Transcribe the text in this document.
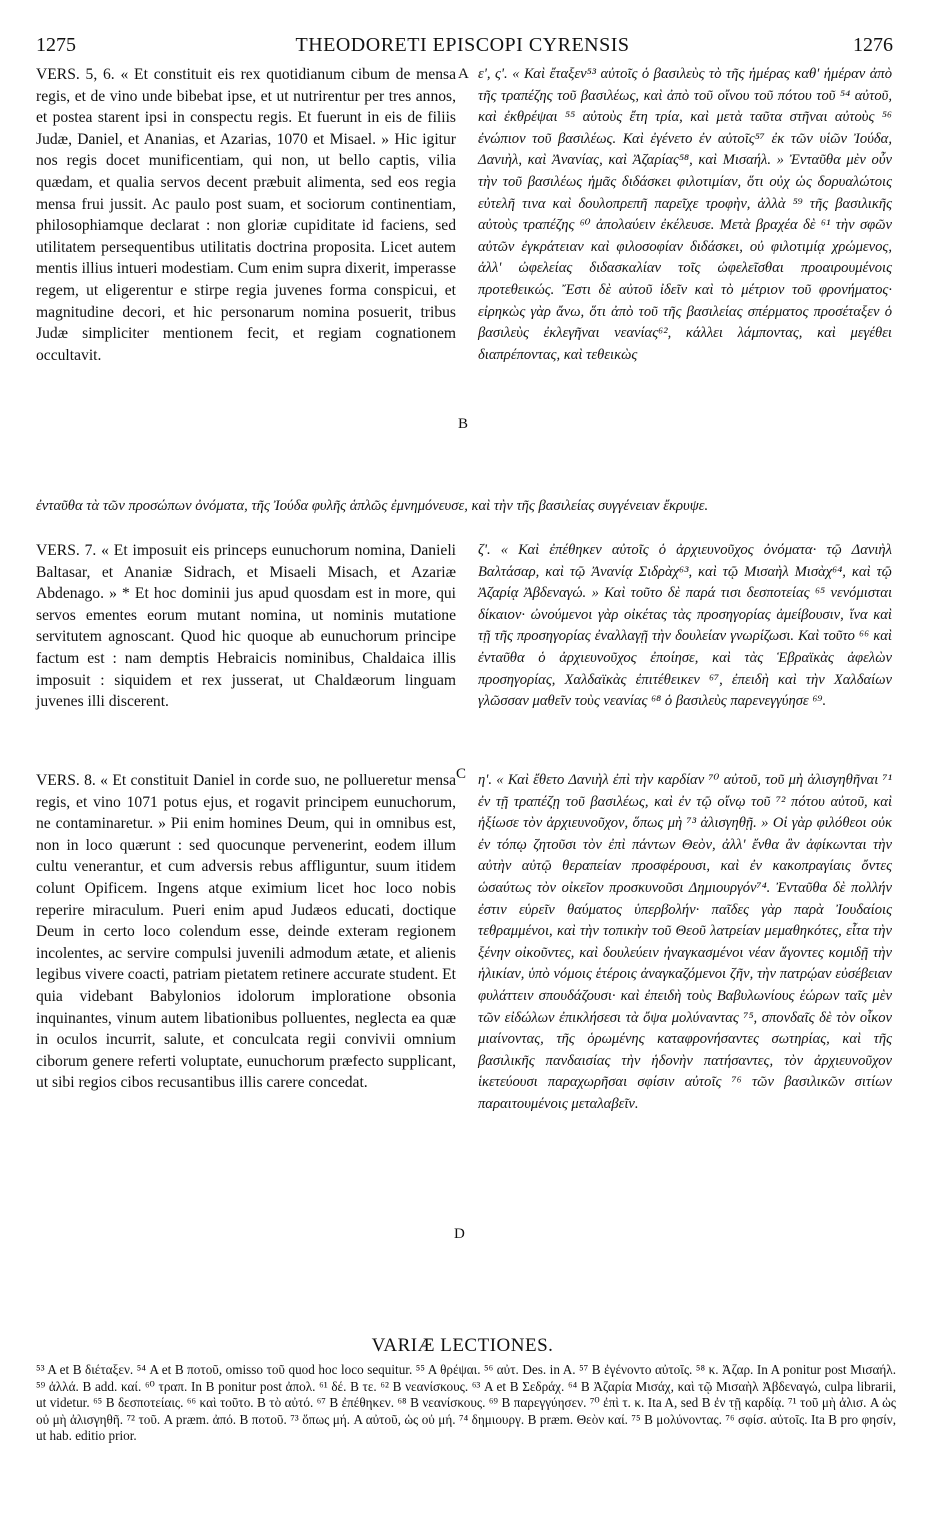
1275	THEODORETI EPISCOPI CYRENSIS	1276
A
B
C
D

VERS. 5, 6. « Et constituit eis rex quotidianum cibum de mensa regis, et de vino unde bibebat ipse, et ut nutrirentur per tres annos, et postea starent ipsi in conspectu regis. Et fuerunt in eis de filiis Judæ, Daniel, et Ananias, et Azarias, 1070 et Misael. » Hic igitur nos regis docet munificentiam, qui non, ut bello captis, vilia quædam, et qualia servos decent præbuit alimenta, sed eos regia mensa frui jussit. Ac paulo post suam, et sociorum continentiam, philosophiamque declarat : non gloriæ cupiditate id faciens, sed utilitatem persequentibus utilitatis doctrina proposita. Licet autem mentis illius intueri modestiam. Cum enim supra dixerit, imperasse regem, ut eligerentur e stirpe regia juvenes forma conspicui, et magnitudine decori, et hic personarum nomina posuerit, tribus Judæ simpliciter mentionem fecit, et regiam cognationem occultavit.

ε', ς'. « Καὶ ἔταξεν⁵³ αὐτοῖς ὁ βασιλεὺς τὸ τῆς ἡμέρας καθ' ἡμέραν ἀπὸ τῆς τραπέζης τοῦ βασιλέως, καὶ ἀπὸ τοῦ οἴνου τοῦ πότου τοῦ ⁵⁴ αὐτοῦ, καὶ ἐκθρέψαι ⁵⁵ αὐτοὺς ἔτη τρία, καὶ μετὰ ταῦτα στῆναι αὐτοὺς ⁵⁶ ἐνώπιον τοῦ βασιλέως. Καὶ ἐγένετο ἐν αὐτοῖς⁵⁷ ἐκ τῶν υἱῶν Ἰούδα, Δανιὴλ, καὶ Ἀνανίας, καὶ Ἀζαρίας⁵⁸, καὶ Μισαήλ. » Ἐνταῦθα μὲν οὖν τὴν τοῦ βασιλέως ἡμᾶς διδάσκει φιλοτιμίαν, ὅτι οὐχ ὡς δορυαλώτοις εὐτελῆ τινα καὶ δουλοπρεπῆ παρεῖχε τροφὴν, ἀλλὰ ⁵⁹ τῆς βασιλικῆς αὐτοὺς τραπέζης ⁶⁰ ἀπολαύειν ἐκέλευσε. Μετὰ βραχέα δὲ ⁶¹ τὴν σφῶν αὐτῶν ἐγκράτειαν καὶ φιλοσοφίαν διδάσκει, οὐ φιλοτιμίᾳ χρώμενος, ἀλλ' ὠφελείας διδασκαλίαν τοῖς ὠφελεῖσθαι προαιρουμένοις προτεθεικώς. Ἔστι δὲ αὐτοῦ ἰδεῖν καὶ τὸ μέτριον τοῦ φρονήματος· εἰρηκὼς γὰρ ἄνω, ὅτι ἀπὸ τοῦ τῆς βασιλείας σπέρματος προσέταξεν ὁ βασιλεὺς ἐκλεγῆναι νεανίας⁶², κάλλει λάμποντας, καὶ μεγέθει διαπρέποντας, καὶ τεθεικὼς

ἐνταῦθα τὰ τῶν προσώπων ὀνόματα, τῆς Ἰούδα φυλῆς ἁπλῶς ἐμνημόνευσε, καὶ τὴν τῆς βασιλείας συγγένειαν ἔκρυψε.

VERS. 7. « Et imposuit eis princeps eunuchorum nomina, Danieli Baltasar, et Ananiæ Sidrach, et Misaeli Misach, et Azariæ Abdenago. » * Et hoc dominii jus apud quosdam est in more, qui servos ementes eorum mutant nomina, ut nominis mutatione servitutem agnoscant. Quod hic quoque ab eunuchorum principe factum est : nam demptis Hebraicis nominibus, Chaldaica illis imposuit : siquidem et rex jusserat, ut Chaldæorum linguam juvenes illi discerent.

ζ'. « Καὶ ἐπέθηκεν αὐτοῖς ὁ ἀρχιευνοῦχος ὀνόματα· τῷ Δανιὴλ Βαλτάσαρ, καὶ τῷ Ἀνανίᾳ Σιδρὰχ⁶³, καὶ τῷ Μισαὴλ Μισὰχ⁶⁴, καὶ τῷ Ἀζαρίᾳ Ἀβδεναγώ. » Καὶ τοῦτο δὲ παρά τισι δεσποτείας ⁶⁵ νενόμισται δίκαιον· ὠνούμενοι γὰρ οἰκέτας τὰς προσηγορίας ἀμείβουσιν, ἵνα καὶ τῇ τῆς προσηγορίας ἐναλλαγῇ τὴν δουλείαν γνωρίζωσι. Καὶ τοῦτο ⁶⁶ καὶ ἐνταῦθα ὁ ἀρχιευνοῦχος ἐποίησε, καὶ τὰς Ἑβραϊκὰς ἀφελὼν προσηγορίας, Χαλδαϊκὰς ἐπιτέθεικεν ⁶⁷, ἐπειδὴ καὶ τὴν Χαλδαίων γλῶσσαν μαθεῖν τοὺς νεανίας ⁶⁸ ὁ βασιλεὺς παρενεγγύησε ⁶⁹.

VERS. 8. « Et constituit Daniel in corde suo, ne pollueretur mensa regis, et vino 1071 potus ejus, et rogavit principem eunuchorum, ne contaminaretur. » Pii enim homines Deum, qui in omnibus est, non in loco quærunt : sed quocunque pervenerint, eodem illum cultu venerantur, et cum adversis rebus affliguntur, suum itidem colunt Opificem. Ingens atque eximium licet hoc loco nobis reperire miraculum. Pueri enim apud Judæos educati, doctique Deum in certo loco colendum esse, deinde exteram regionem incolentes, ac servire compulsi juvenili admodum ætate, et alienis legibus vivere coacti, patriam pietatem retinere accurate student. Et quia videbant Babylonios idolorum imploratione obsonia inquinantes, vinum autem libationibus polluentes, neglecta ea quæ in oculos incurrit, salute, et conculcata regii convivii omnium ciborum genere referti voluptate, eunuchorum præfecto supplicant, ut sibi regios cibos recusantibus illis carere concedat.

η'. « Καὶ ἔθετο Δανιὴλ ἐπὶ τὴν καρδίαν ⁷⁰ αὐτοῦ, τοῦ μὴ ἀλισγηθῆναι ⁷¹ ἐν τῇ τραπέζῃ τοῦ βασιλέως, καὶ ἐν τῷ οἴνῳ τοῦ ⁷² πότου αὐτοῦ, καὶ ἠξίωσε τὸν ἀρχιευνοῦχον, ὅπως μὴ ⁷³ ἀλισγηθῇ. » Οἱ γὰρ φιλόθεοι οὐκ ἐν τόπῳ ζητοῦσι τὸν ἐπὶ πάντων Θεὸν, ἀλλ' ἔνθα ἂν ἀφίκωνται τὴν αὐτὴν αὐτῷ θεραπείαν προσφέρουσι, καὶ ἐν κακοπραγίαις ὄντες ὡσαύτως τὸν οἰκεῖον προσκυνοῦσι Δημιουργόν⁷⁴. Ἐνταῦθα δὲ πολλήν ἐστιν εὑρεῖν θαύματος ὑπερβολήν· παῖδες γὰρ παρὰ Ἰουδαίοις τεθραμμένοι, καὶ τὴν τοπικὴν τοῦ Θεοῦ λατρείαν μεμαθηκότες, εἶτα τὴν ξένην οἰκοῦντες, καὶ δουλεύειν ἠναγκασμένοι νέαν ἄγοντες κομιδῇ τὴν ἡλικίαν, ὑπὸ νόμοις ἑτέροις ἀναγκαζόμενοι ζῆν, τὴν πατρῴαν εὐσέβειαν φυλάττειν σπουδάζουσι· καὶ ἐπειδὴ τοὺς Βαβυλωνίους ἑώρων ταῖς μὲν τῶν εἰδώλων ἐπικλήσεσι τὰ ὄψα μολύναντας ⁷⁵, σπονδαῖς δὲ τὸν οἶκον μιαίνοντας, τῆς ὁρωμένης καταφρονήσαντες σωτηρίας, καὶ τῆς βασιλικῆς πανδαισίας τὴν ἡδονὴν πατήσαντες, τὸν ἀρχιευνοῦχον ἱκετεύουσι παραχωρῆσαι σφίσιν αὐτοῖς ⁷⁶ τῶν βασιλικῶν σιτίων παραιτουμένοις μεταλαβεῖν.

VARIÆ LECTIONES.

⁵³ A et B διέταξεν. ⁵⁴ A et B ποτοῦ, omisso τοῦ quod hoc loco sequitur. ⁵⁵ A θρέψαι. ⁵⁶ αὐτ. Des. in A. ⁵⁷ B ἐγένοντο αὐτοῖς. ⁵⁸ κ. Ἀζαρ. In A ponitur post Μισαήλ. ⁵⁹ ἀλλά. B add. καί. ⁶⁰ τραπ. In B ponitur post ἀπολ. ⁶¹ δέ. B τε. ⁶² B νεανίσκους. ⁶³ A et B Σεδράχ. ⁶⁴ B Ἀζαρία Μισάχ, καὶ τῷ Μισαὴλ Ἀβδεναγώ, culpa librarii, ut videtur. ⁶⁵ B δεσποτείαις. ⁶⁶ καὶ τοῦτο. B τὸ αὐτό. ⁶⁷ B ἐπέθηκεν. ⁶⁸ B νεανίσκους. ⁶⁹ B παρεγγύησεν. ⁷⁰ ἐπὶ τ. κ. Ita A, sed B ἐν τῇ καρδίᾳ. ⁷¹ τοῦ μὴ ἀλισ. A ὡς οὐ μὴ ἀλισγηθῆ. ⁷² τοῦ. A præm. ἀπό. B ποτοῦ. ⁷³ ὅπως μή. A αὐτοῦ, ὡς οὐ μή. ⁷⁴ δημιουργ. B præm. Θεὸν καί. ⁷⁵ B μολύνοντας. ⁷⁶ σφίσ. αὐτοῖς. Ita B pro φησίν, ut hab. editio prior.
